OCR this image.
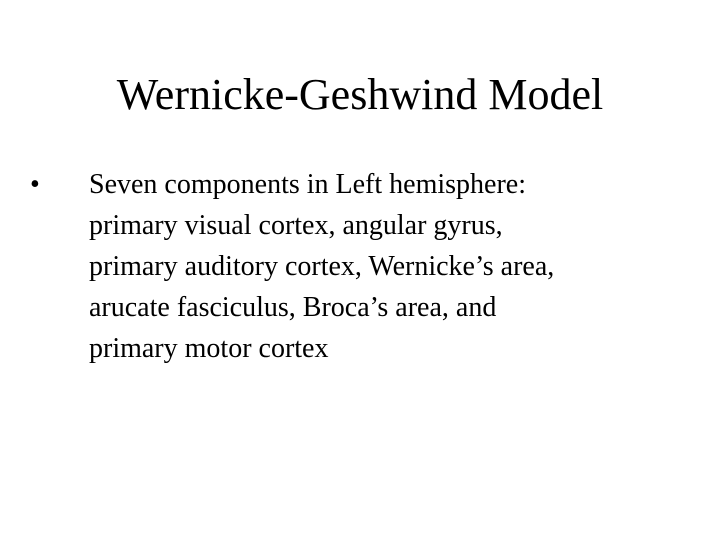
Wernicke-Geshwind Model
•	Seven components in Left hemisphere:
primary visual cortex, angular gyrus,
primary auditory cortex, Wernicke’s area,
arucate fasciculus, Broca’s area, and
primary motor cortex
